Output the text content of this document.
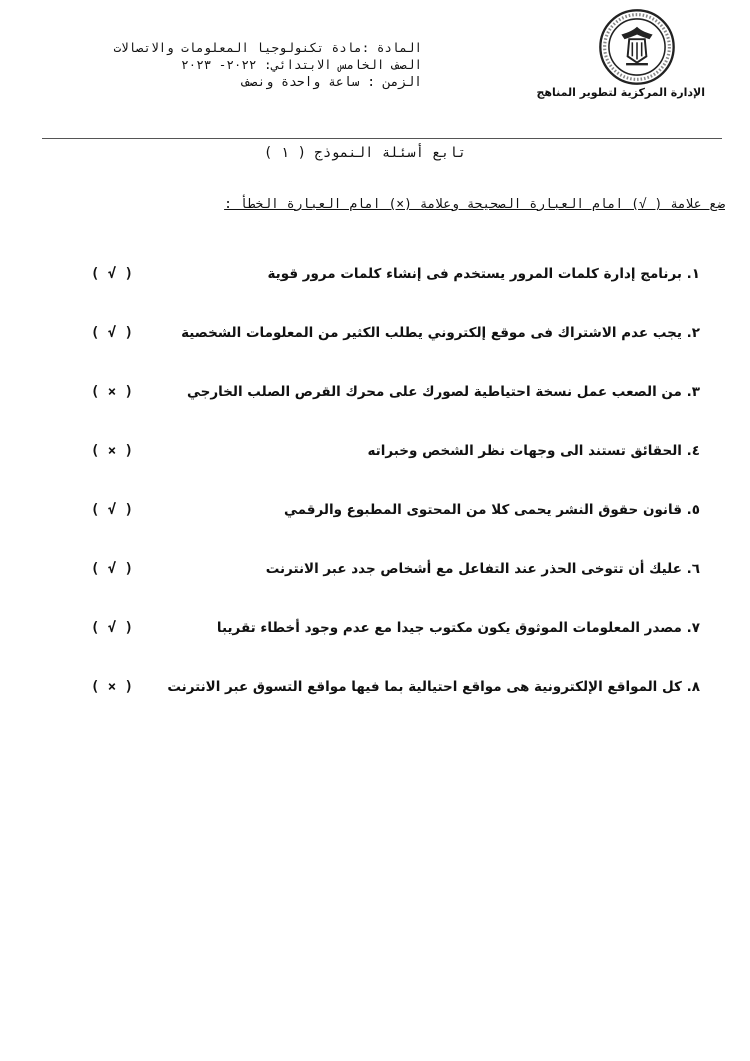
الإدارة المركزية لتطوير المناهج
المادة :مادة تكنولوجيا المعلومات والاتصالات
الصف الخامس الابتدائي: ٢٠٢٢- ٢٠٢٣
الزمن : ساعة واحدة ونصف
تابع أسئلة النموذج ( ١ )
ضع علامة ( √) امام العبارة الصحيحة وعلامة (×) امام العبارة الخطأ :
١. برنامج إدارة كلمات المرور يستخدم فى إنشاء كلمات مرور قوية
( √ )
٢. يجب عدم الاشتراك فى موقع إلكتروني يطلب الكثير من المعلومات الشخصية
( √ )
٣. من الصعب عمل نسخة احتياطية لصورك على محرك القرص الصلب الخارجي
( × )
٤. الحقائق تستند الى وجهات نظر الشخص وخبراته
( × )
٥. قانون حقوق النشر يحمى كلا من المحتوى المطبوع والرقمي
( √ )
٦. عليك أن تتوخى الحذر عند التفاعل مع أشخاص جدد عبر الانترنت
( √ )
٧. مصدر المعلومات الموثوق يكون مكتوب جيدا مع عدم وجود أخطاء تقريبا
( √ )
٨. كل المواقع الإلكترونية هى مواقع احتيالية بما فيها مواقع التسوق عبر الانترنت
( × )
